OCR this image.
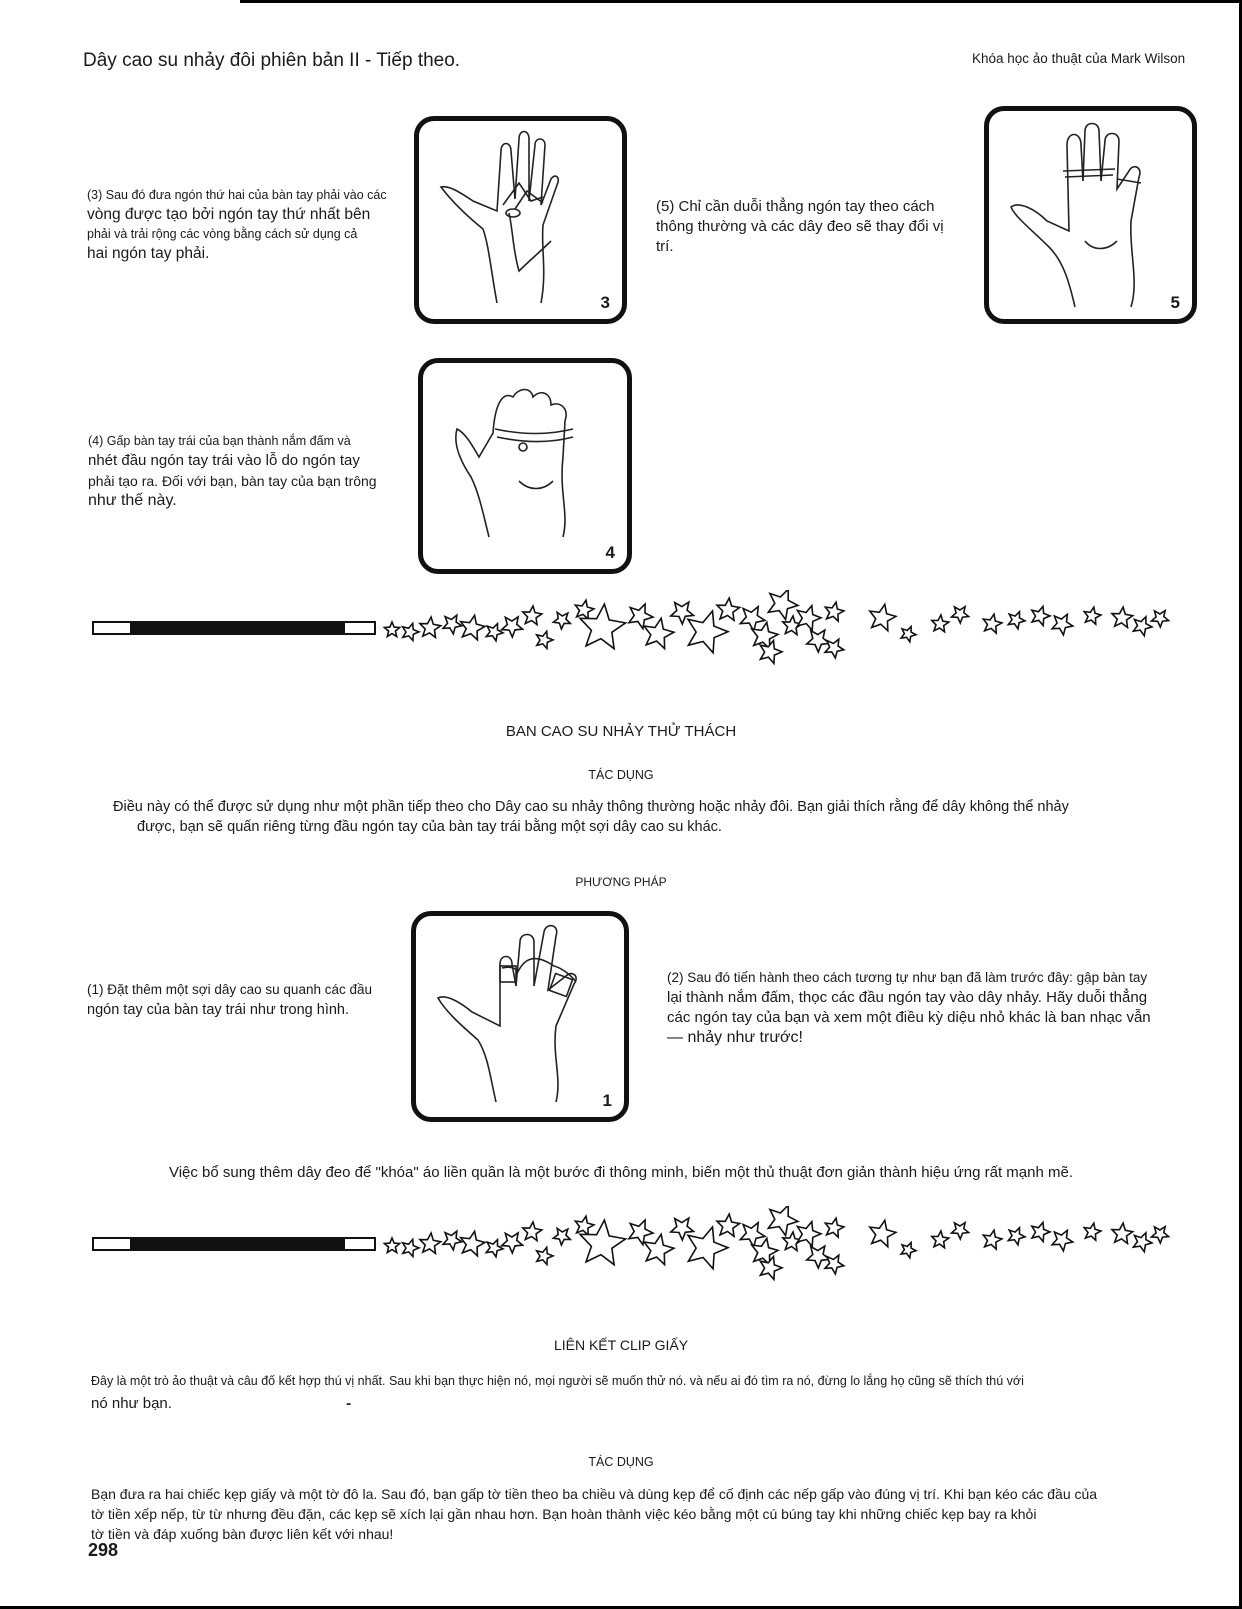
Dây cao su nhảy đôi phiên bản II - Tiếp theo.	Khóa học ảo thuật của Mark Wilson
(3) Sau đó đưa ngón thứ hai của bàn tay phải vào các
vòng được tạo bởi ngón tay thứ nhất bên
phải và trải rộng các vòng bằng cách sử dụng cả
hai ngón tay phải.
3
(5) Chỉ cần duỗi thẳng ngón tay theo cách
thông thường và các dây đeo sẽ thay đổi vị
trí.
5
(4) Gấp bàn tay trái của bạn thành nắm đấm và
nhét đầu ngón tay trái vào lỗ do ngón tay
phải tạo ra. Đối với bạn, bàn tay của bạn trông
như thế này.
4
BAN CAO SU NHẢY THỬ THÁCH
TÁC DỤNG
Điều này có thể được sử dụng như một phần tiếp theo cho Dây cao su nhảy thông thường hoặc nhảy đôi. Bạn giải thích rằng để dây không thể nhảy
được, bạn sẽ quấn riêng từng đầu ngón tay của bàn tay trái bằng một sợi dây cao su khác.
PHƯƠNG PHÁP
(1) Đặt thêm một sợi dây cao su quanh các đầu
ngón tay của bàn tay trái như trong hình.
1
(2) Sau đó tiến hành theo cách tương tự như bạn đã làm trước đây: gập bàn tay
lại thành nắm đấm, thọc các đầu ngón tay vào dây nhảy. Hãy duỗi thẳng
các ngón tay của bạn và xem một điều kỳ diệu nhỏ khác là ban nhạc vẫn
— nhảy như trước!
Việc bổ sung thêm dây đeo để "khóa" áo liền quần là một bước đi thông minh, biến một thủ thuật đơn giản thành hiệu ứng rất mạnh mẽ.
LIÊN KẾT CLIP GIẤY
Đây là một trò ảo thuật và câu đố kết hợp thú vị nhất. Sau khi bạn thực hiện nó, mọi người sẽ muốn thử nó. và nếu ai đó tìm ra nó, đừng lo lắng họ cũng sẽ thích thú với
nó như bạn.	-
TÁC DỤNG
Bạn đưa ra hai chiếc kẹp giấy và một tờ đô la. Sau đó, bạn gấp tờ tiền theo ba chiều và dùng kẹp để cố định các nếp gấp vào đúng vị trí. Khi bạn kéo các đầu của
tờ tiền xếp nếp, từ từ nhưng đều đặn, các kẹp sẽ xích lại gần nhau hơn. Bạn hoàn thành việc kéo bằng một cú búng tay khi những chiếc kẹp bay ra khỏi
tờ tiền và đáp xuống bàn được liên kết với nhau!
298
